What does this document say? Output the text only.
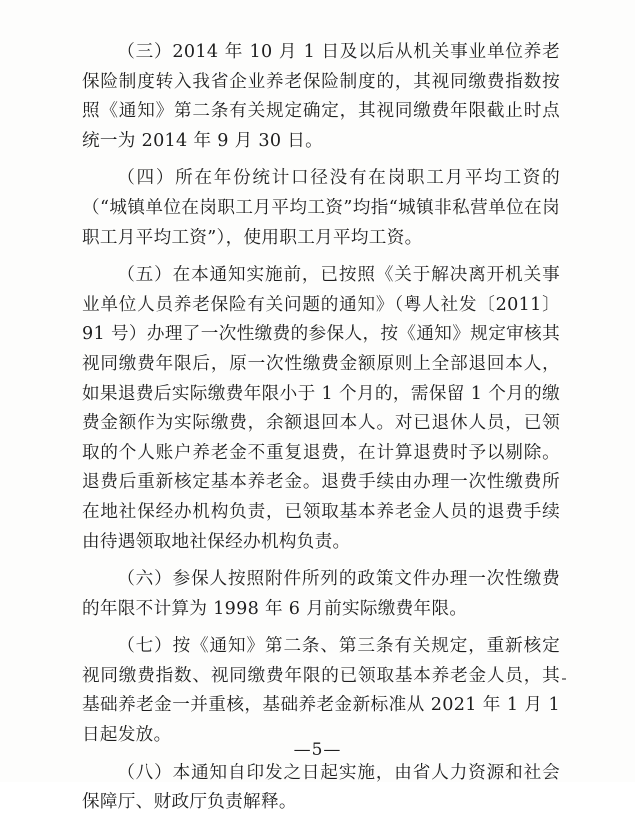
（三）2014 年 10 月 1 日及以后从机关事业单位养老保险制度转入我省企业养老保险制度的，其视同缴费指数按照《通知》第二条有关规定确定，其视同缴费年限截止时点统一为 2014 年 9 月 30 日。

（四）所在年份统计口径没有在岗职工月平均工资的（“城镇单位在岗职工月平均工资”均指“城镇非私营单位在岗职工月平均工资”），使用职工月平均工资。

（五）在本通知实施前，已按照《关于解决离开机关事业单位人员养老保险有关问题的通知》（粤人社发〔2011〕91 号）办理了一次性缴费的参保人，按《通知》规定审核其视同缴费年限后，原一次性缴费金额原则上全部退回本人，如果退费后实际缴费年限小于 1 个月的，需保留 1 个月的缴费金额作为实际缴费，余额退回本人。对已退休人员，已领取的个人账户养老金不重复退费，在计算退费时予以剔除。退费后重新核定基本养老金。退费手续由办理一次性缴费所在地社保经办机构负责，已领取基本养老金人员的退费手续由待遇领取地社保经办机构负责。

（六）参保人按照附件所列的政策文件办理一次性缴费的年限不计算为 1998 年 6 月前实际缴费年限。

（七）按《通知》第二条、第三条有关规定，重新核定视同缴费指数、视同缴费年限的已领取基本养老金人员，其基础养老金一并重核，基础养老金新标准从 2021 年 1 月 1 日起发放。

（八）本通知自印发之日起实施，由省人力资源和社会保障厅、财政厅负责解释。

—5—
